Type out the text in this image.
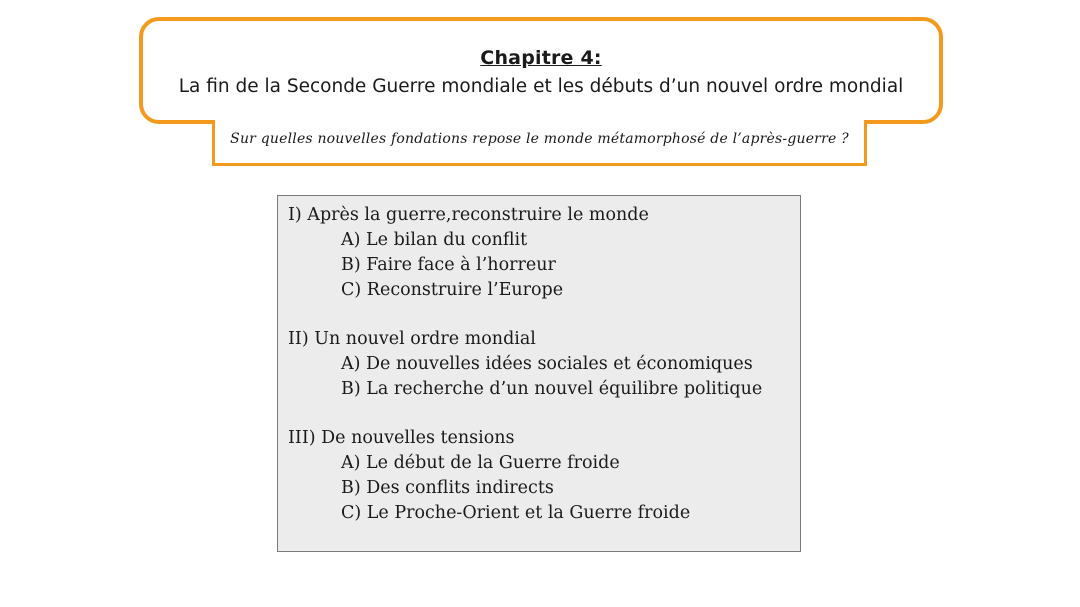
Chapitre 4:
La fin de la Seconde Guerre mondiale et les débuts d’un nouvel ordre mondial
Sur quelles nouvelles fondations repose le monde métamorphosé de l’après-guerre ?
I) Après la guerre,reconstruire le monde
A) Le bilan du conflit
B) Faire face à l’horreur
C) Reconstruire l’Europe
II) Un nouvel ordre mondial
A) De nouvelles idées sociales et économiques
B) La recherche d’un nouvel équilibre politique
III) De nouvelles tensions
A) Le début de la Guerre froide
B) Des conflits indirects
C) Le Proche-Orient et la Guerre froide
